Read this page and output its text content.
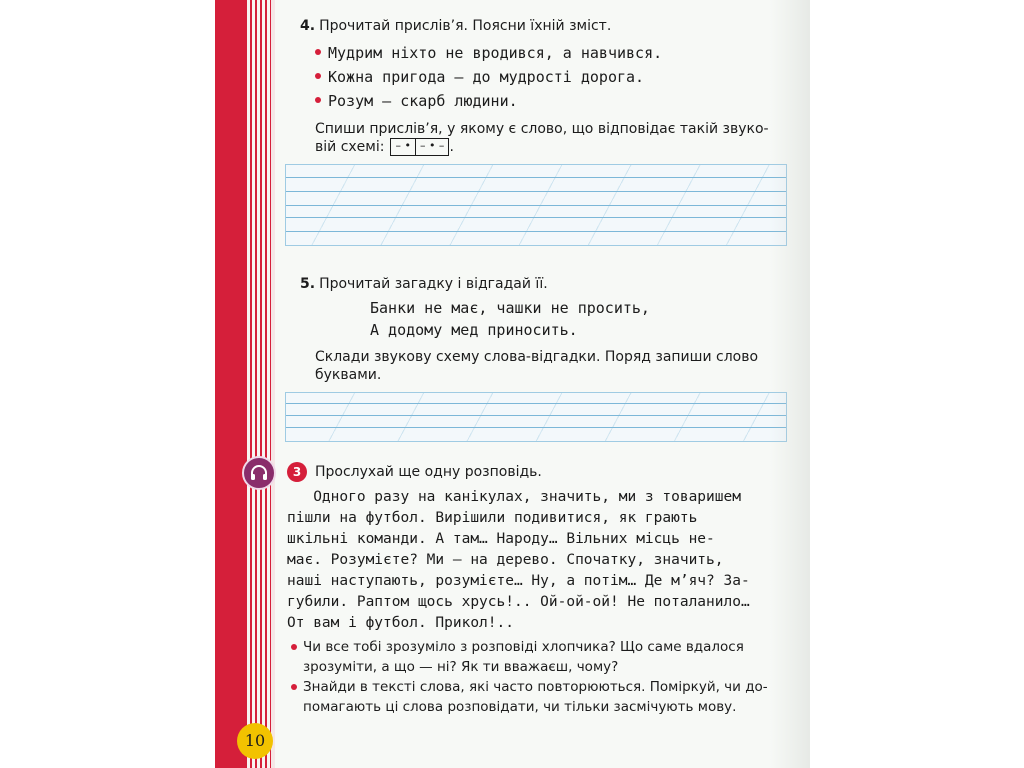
4. Прочитай прислів’я. Поясни їхній зміст.
Мудрим ніхто не вродився, а навчився.
Кожна пригода — до мудрості дорога.
Розум — скарб людини.
Спиши прислів’я, у якому є слово, що відповідає такій звуко-
вій схемі:	– • – • – .
5. Прочитай загадку і відгадай її.
Банки не має, чашки не просить,
А додому мед приносить.
Склади звукову схему слова-відгадки. Поряд запиши слово
буквами.
3 Прослухай ще одну розповідь.
Одного разу на канікулах, значить, ми з товаришем
пішли на футбол. Вирішили подивитися, як грають
шкільні команди. А там… Народу… Вільних місць не-
має. Розумієте? Ми — на дерево. Спочатку, значить,
наші наступають, розумієте… Ну, а потім… Де м’яч? За-
губили. Раптом щось хрусь!.. Ой-ой-ой! Не поталанило…
От вам і футбол. Прикол!..
Чи все тобі зрозуміло з розповіді хлопчика? Що саме вдалося
зрозуміти, а що — ні? Як ти вважаєш, чому?
Знайди в тексті слова, які часто повторюються. Поміркуй, чи до-
помагають ці слова розповідати, чи тільки засмічують мову.
10
